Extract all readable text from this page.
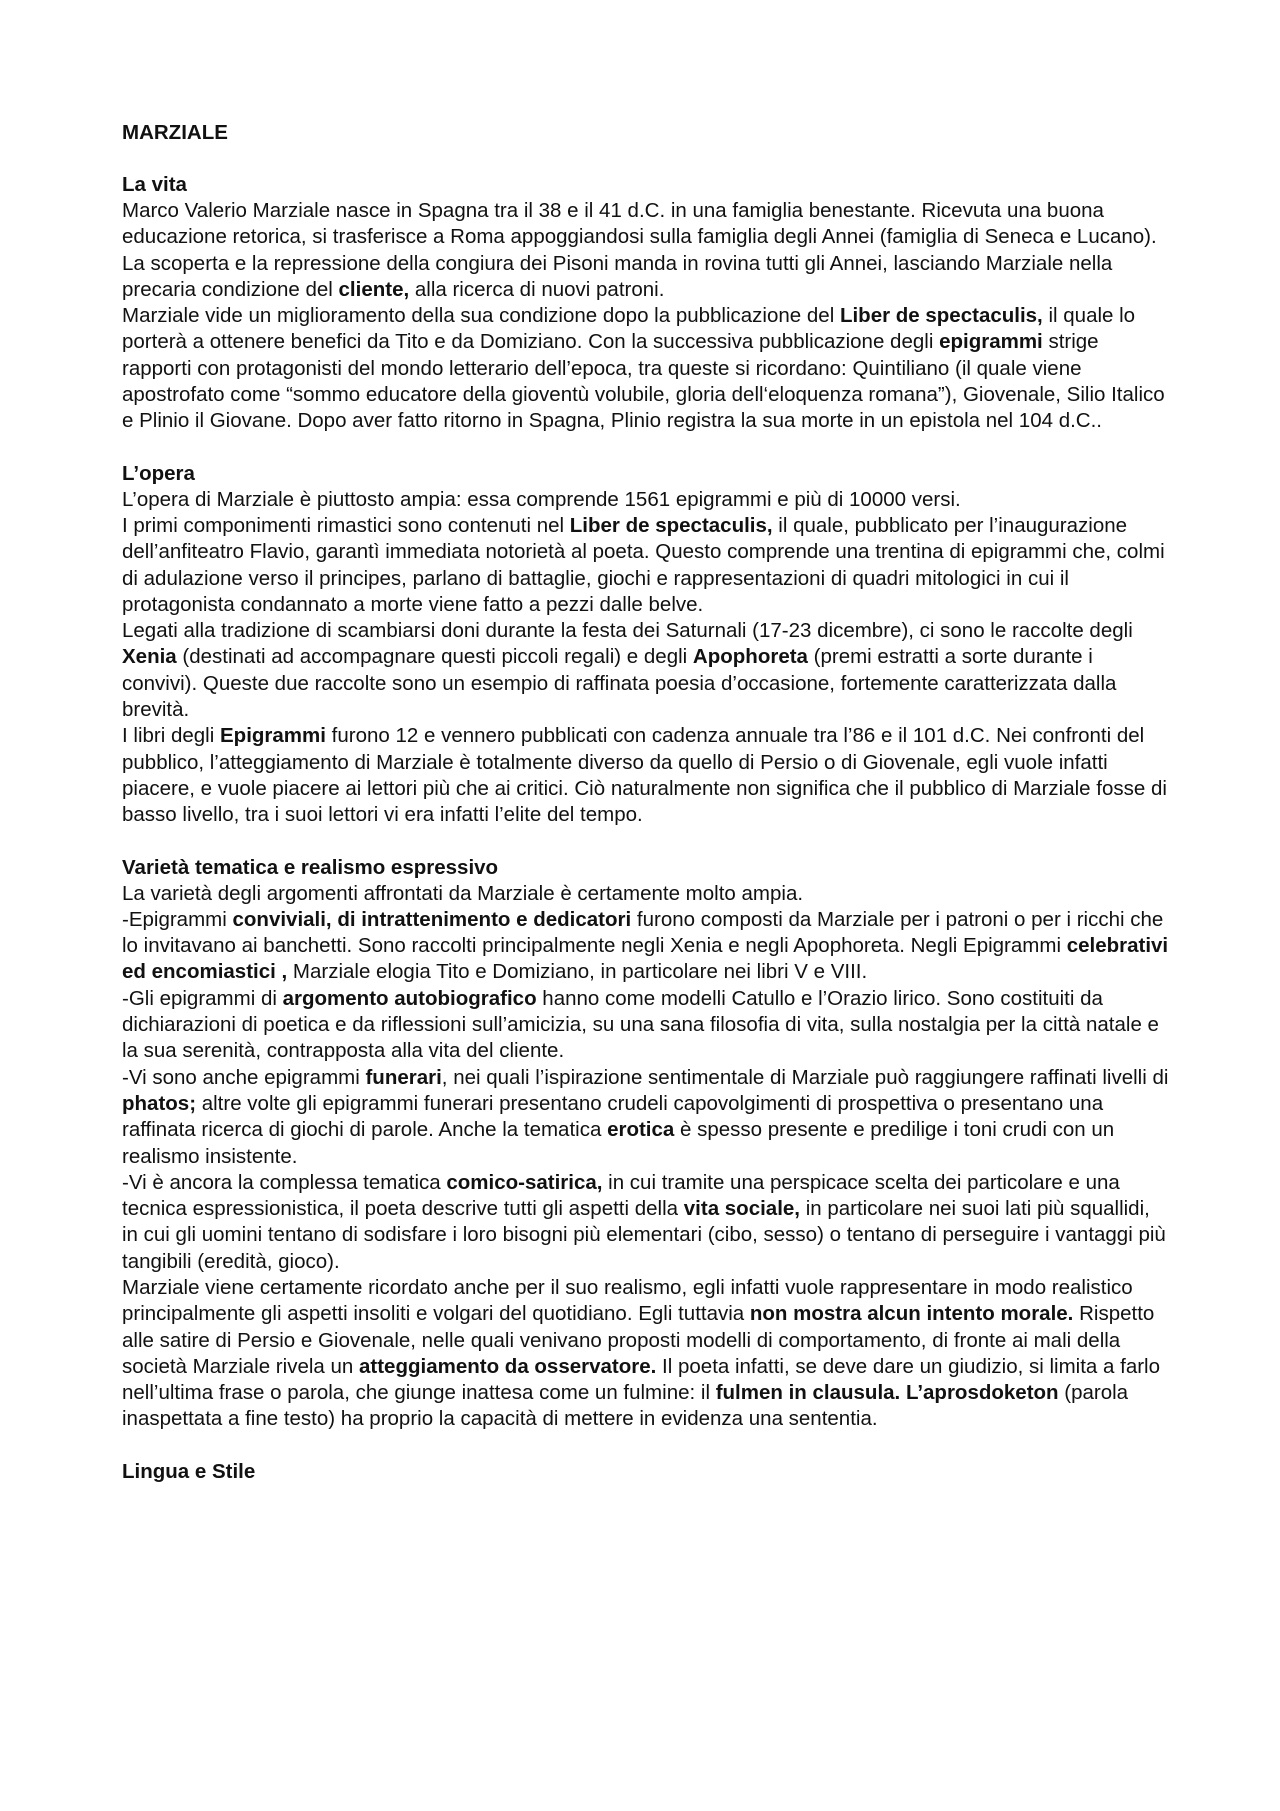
MARZIALE
La vita

Marco Valerio Marziale nasce in Spagna tra il 38 e il 41 d.C. in una famiglia benestante. Ricevuta una buona educazione retorica, si trasferisce a Roma appoggiandosi sulla famiglia degli Annei (famiglia di Seneca e Lucano). La scoperta e la repressione della congiura dei Pisoni manda in rovina tutti gli Annei, lasciando Marziale nella precaria condizione del cliente, alla ricerca di nuovi patroni.

Marziale vide un miglioramento della sua condizione dopo la pubblicazione del Liber de spectaculis, il quale lo porterà a ottenere benefici da Tito e da Domiziano. Con la successiva pubblicazione degli epigrammi strige rapporti con protagonisti del mondo letterario dell’epoca, tra queste si ricordano: Quintiliano (il quale viene apostrofato come “sommo educatore della gioventù volubile, gloria dell‘eloquenza romana”), Giovenale, Silio Italico e Plinio il Giovane. Dopo aver fatto ritorno in Spagna, Plinio registra la sua morte in un epistola nel 104 d.C..

L’opera

L’opera di Marziale è piuttosto ampia: essa comprende 1561 epigrammi e più di 10000 versi.

I primi componimenti rimastici sono contenuti nel Liber de spectaculis, il quale, pubblicato per l’inaugurazione dell’anfiteatro Flavio, garantì immediata notorietà al poeta. Questo comprende una trentina di epigrammi che, colmi di adulazione verso il principes, parlano di battaglie, giochi e rappresentazioni di quadri mitologici in cui il protagonista condannato a morte viene fatto a pezzi dalle belve.

Legati alla tradizione di scambiarsi doni durante la festa dei Saturnali (17-23 dicembre), ci sono le raccolte degli Xenia (destinati ad accompagnare questi piccoli regali) e degli Apophoreta (premi estratti a sorte durante i convivi). Queste due raccolte sono un esempio di raffinata poesia d’occasione, fortemente caratterizzata dalla brevità.

I libri degli Epigrammi furono 12 e vennero pubblicati con cadenza annuale tra l’86 e il 101 d.C. Nei confronti del pubblico, l’atteggiamento di Marziale è totalmente diverso da quello di Persio o di Giovenale, egli vuole infatti piacere, e vuole piacere ai lettori più che ai critici. Ciò naturalmente non significa che il pubblico di Marziale fosse di basso livello, tra i suoi lettori vi era infatti l’elite del tempo.

Varietà tematica e realismo espressivo

La varietà degli argomenti affrontati da Marziale è certamente molto ampia.

-Epigrammi conviviali, di intrattenimento e dedicatori furono composti da Marziale per i patroni o per i ricchi che lo invitavano ai banchetti. Sono raccolti principalmente negli Xenia e negli Apophoreta. Negli Epigrammi celebrativi ed encomiastici , Marziale elogia Tito e Domiziano, in particolare nei libri V e VIII.

-Gli epigrammi di argomento autobiografico hanno come modelli Catullo e l’Orazio lirico. Sono costituiti da dichiarazioni di poetica e da riflessioni sull’amicizia, su una sana filosofia di vita, sulla nostalgia per la città natale e la sua serenità, contrapposta alla vita del cliente.

-Vi sono anche epigrammi funerari, nei quali l’ispirazione sentimentale di Marziale può raggiungere raffinati livelli di phatos; altre volte gli epigrammi funerari presentano crudeli capovolgimenti di prospettiva o presentano una raffinata ricerca di giochi di parole. Anche la tematica erotica è spesso presente e predilige i toni crudi con un realismo insistente.

-Vi è ancora la complessa tematica comico-satirica, in cui tramite una perspicace scelta dei particolare e una tecnica espressionistica, il poeta descrive tutti gli aspetti della vita sociale, in particolare nei suoi lati più squallidi, in cui gli uomini tentano di sodisfare i loro bisogni più elementari (cibo, sesso) o tentano di perseguire i vantaggi più tangibili (eredità, gioco).

Marziale viene certamente ricordato anche per il suo realismo, egli infatti vuole rappresentare in modo realistico principalmente gli aspetti insoliti e volgari del quotidiano. Egli tuttavia non mostra alcun intento morale. Rispetto alle satire di Persio e Giovenale, nelle quali venivano proposti modelli di comportamento, di fronte ai mali della società Marziale rivela un atteggiamento da osservatore. Il poeta infatti, se deve dare un giudizio, si limita a farlo nell’ultima frase o parola, che giunge inattesa come un fulmine: il fulmen in clausula. L’aprosdoketon (parola inaspettata a fine testo) ha proprio la capacità di mettere in evidenza una sententia.

Lingua e Stile
